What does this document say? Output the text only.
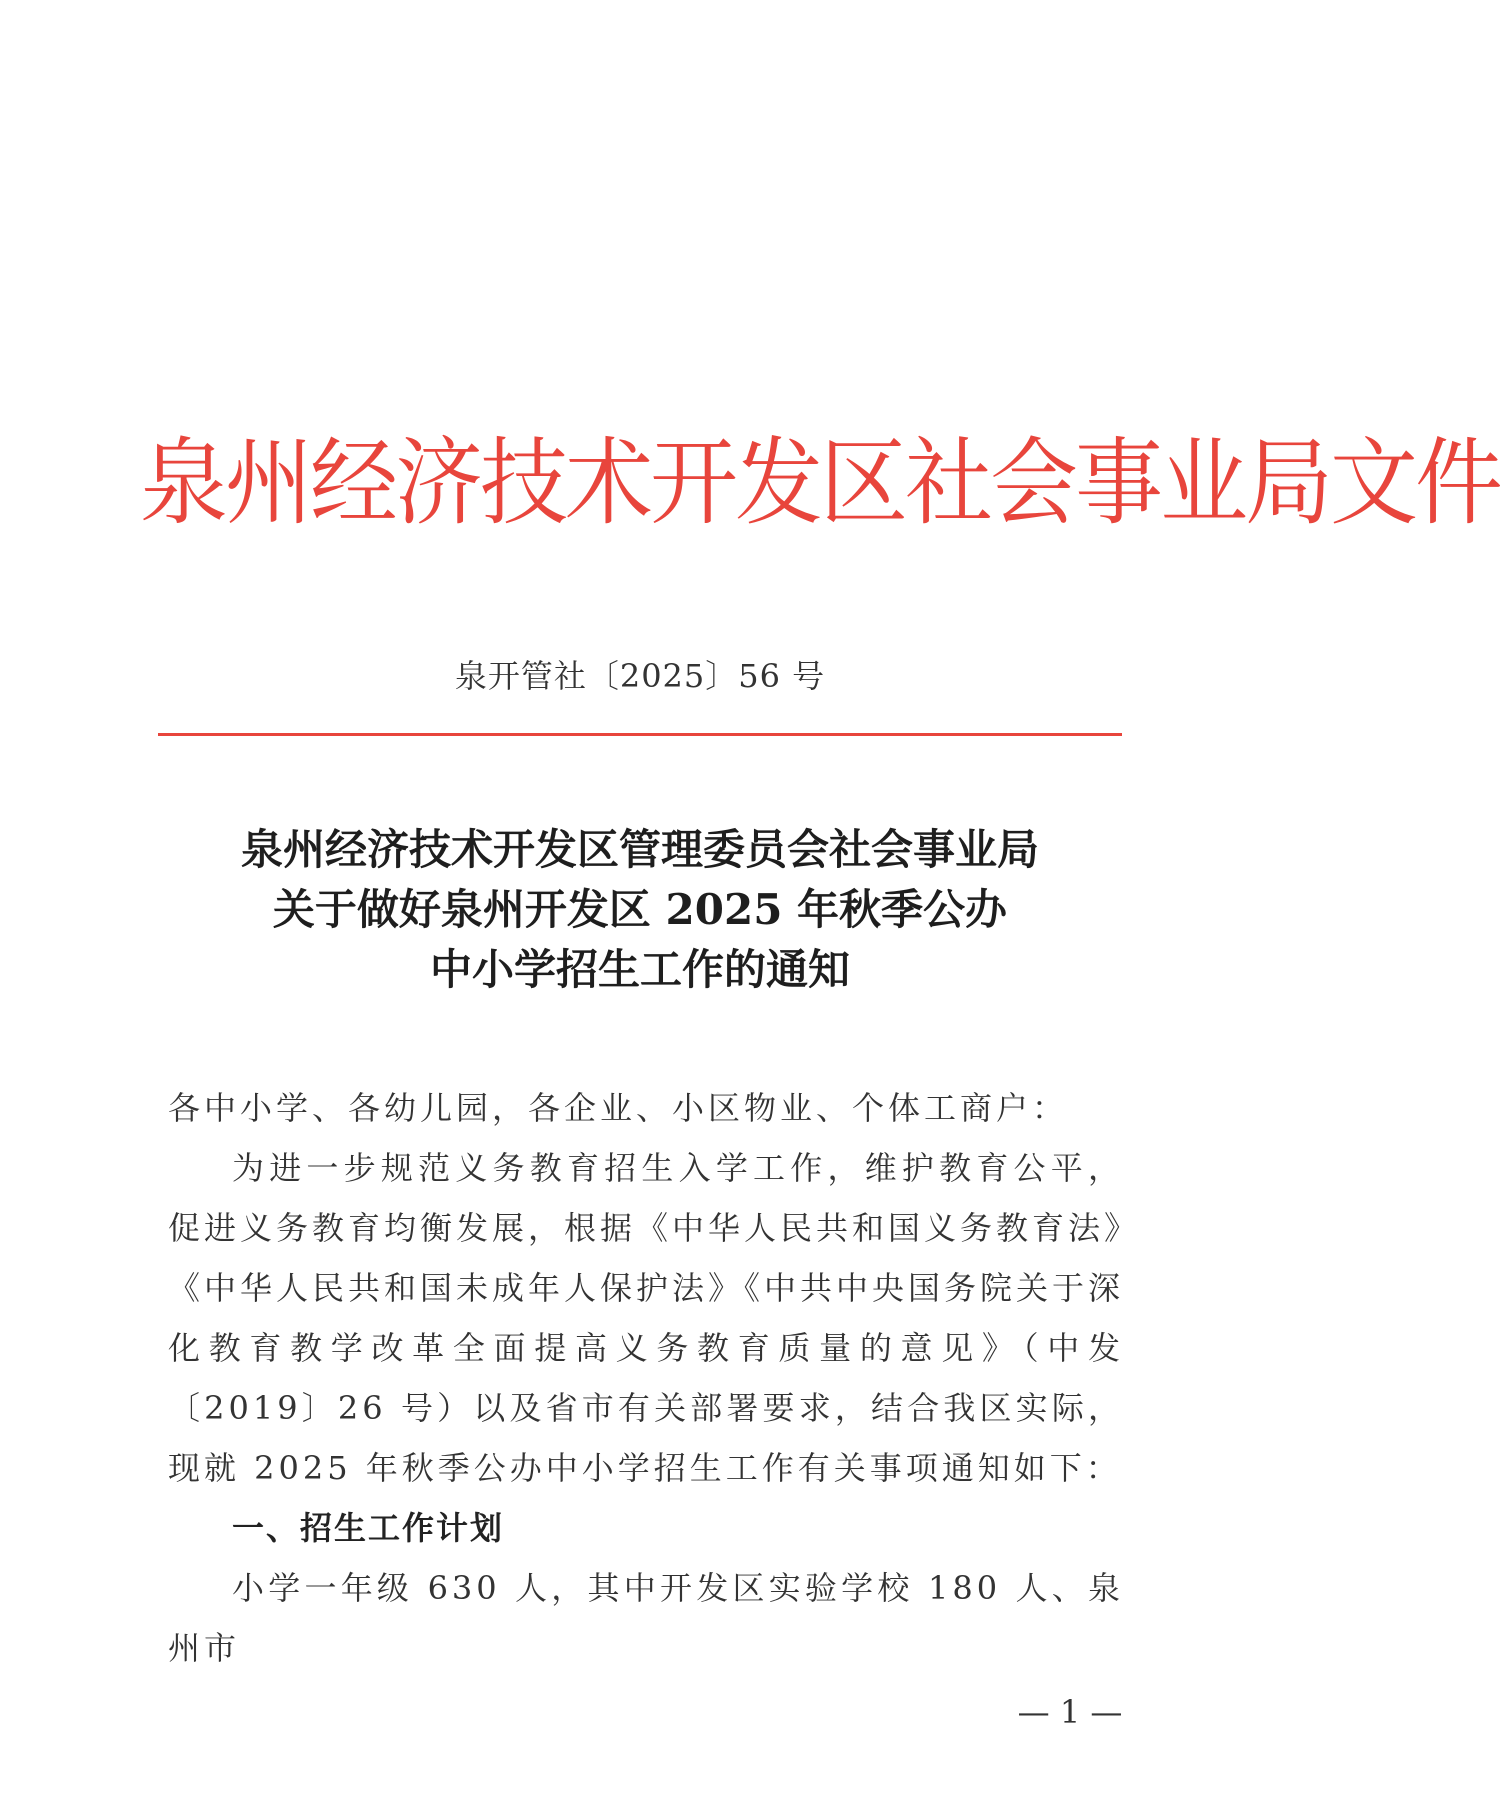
泉州经济技术开发区社会事业局文件
泉开管社〔2025〕56 号
泉州经济技术开发区管理委员会社会事业局
关于做好泉州开发区 2025 年秋季公办
中小学招生工作的通知

各中小学、各幼儿园，各企业、小区物业、个体工商户：

为进一步规范义务教育招生入学工作，维护教育公平，促进义务教育均衡发展，根据《中华人民共和国义务教育法》《中华人民共和国未成年人保护法》《中共中央国务院关于深化教育教学改革全面提高义务教育质量的意见》（中发〔2019〕26 号）以及省市有关部署要求，结合我区实际，现就 2025 年秋季公办中小学招生工作有关事项通知如下：

一、招生工作计划

小学一年级 630 人，其中开发区实验学校 180 人、泉州市

— 1 —
